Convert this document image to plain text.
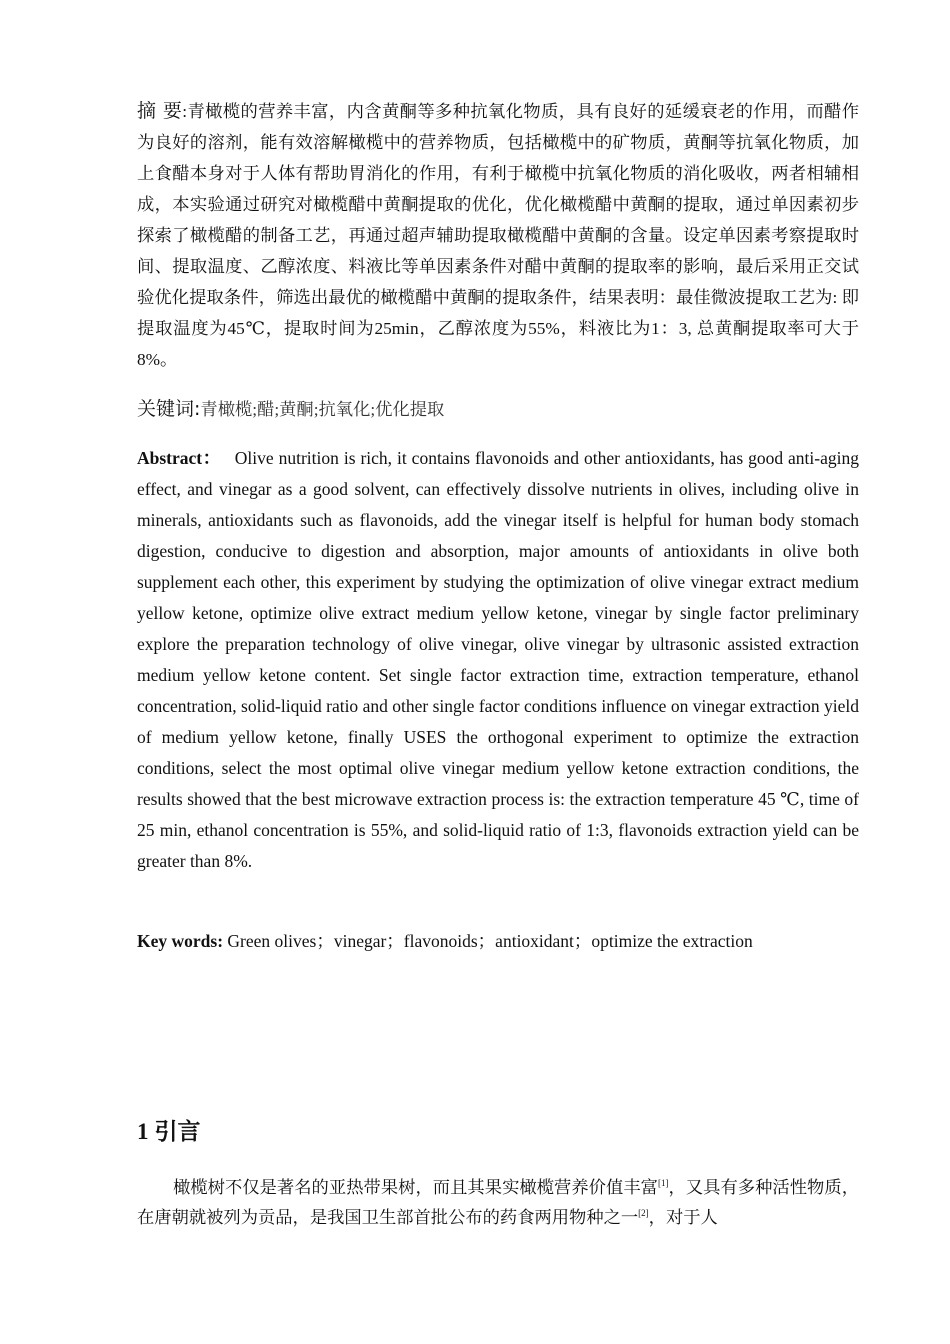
摘 要:青橄榄的营养丰富，内含黄酮等多种抗氧化物质，具有良好的延缓衰老的作用，而醋作为良好的溶剂，能有效溶解橄榄中的营养物质，包括橄榄中的矿物质，黄酮等抗氧化物质，加上食醋本身对于人体有帮助胃消化的作用，有利于橄榄中抗氧化物质的消化吸收，两者相辅相成，本实验通过研究对橄榄醋中黄酮提取的优化，优化橄榄醋中黄酮的提取，通过单因素初步探索了橄榄醋的制备工艺，再通过超声辅助提取橄榄醋中黄酮的含量。设定单因素考察提取时间、提取温度、乙醇浓度、料液比等单因素条件对醋中黄酮的提取率的影响，最后采用正交试验优化提取条件，筛选出最优的橄榄醋中黄酮的提取条件，结果表明：最佳微波提取工艺为: 即提取温度为45℃，提取时间为25min，乙醇浓度为55%，料液比为1：3, 总黄酮提取率可大于8%。

关键词:青橄榄;醋;黄酮;抗氧化;优化提取

Abstract： Olive nutrition is rich, it contains flavonoids and other antioxidants, has good anti-aging effect, and vinegar as a good solvent, can effectively dissolve nutrients in olives, including olive in minerals, antioxidants such as flavonoids, add the vinegar itself is helpful for human body stomach digestion, conducive to digestion and absorption, major amounts of antioxidants in olive both supplement each other, this experiment by studying the optimization of olive vinegar extract medium yellow ketone, optimize olive extract medium yellow ketone, vinegar by single factor preliminary explore the preparation technology of olive vinegar, olive vinegar by ultrasonic assisted extraction medium yellow ketone content. Set single factor extraction time, extraction temperature, ethanol concentration, solid-liquid ratio and other single factor conditions influence on vinegar extraction yield of medium yellow ketone, finally USES the orthogonal experiment to optimize the extraction conditions, select the most optimal olive vinegar medium yellow ketone extraction conditions, the results showed that the best microwave extraction process is: the extraction temperature 45 ℃, time of 25 min, ethanol concentration is 55%, and solid-liquid ratio of 1:3, flavonoids extraction yield can be greater than 8%.

Key words: Green olives；vinegar；flavonoids；antioxidant；optimize the extraction
1 引言

橄榄树不仅是著名的亚热带果树，而且其果实橄榄营养价值丰富[1]，又具有多种活性物质，在唐朝就被列为贡品，是我国卫生部首批公布的药食两用物种之一[2]，对于人
